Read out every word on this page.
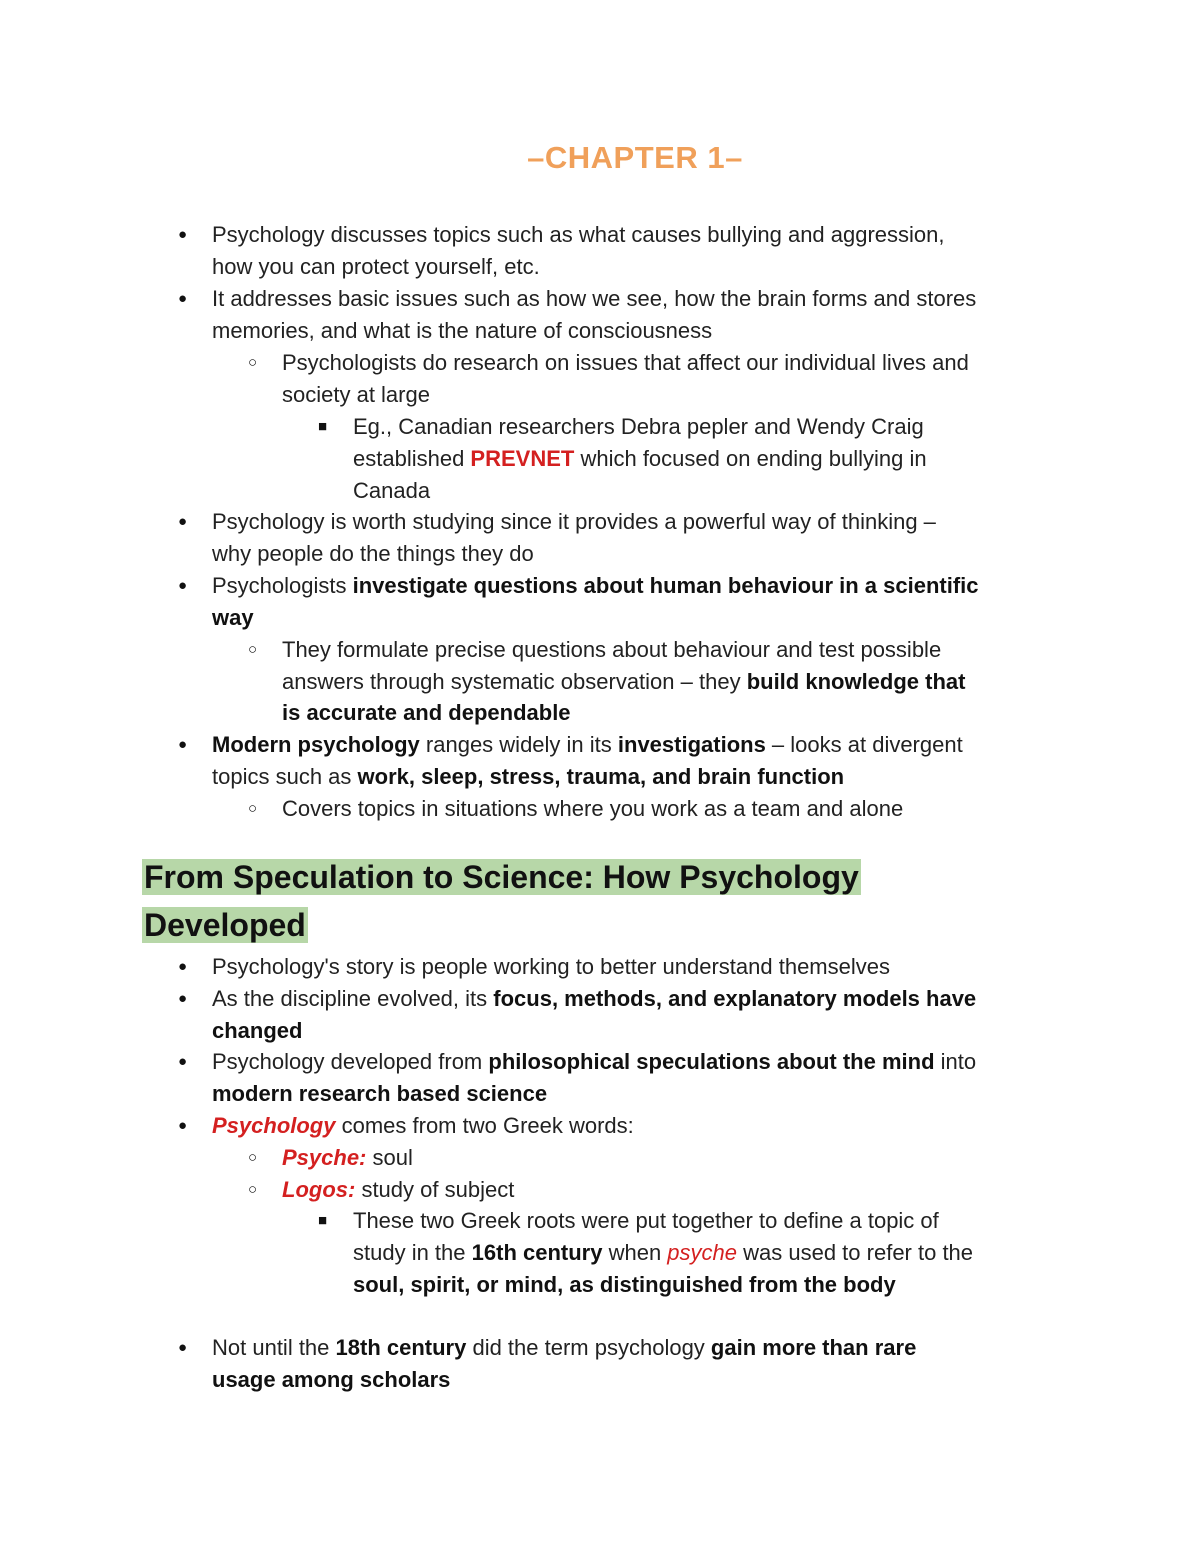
–CHAPTER 1–
● Psychology discusses topics such as what causes bullying and aggression,
how you can protect yourself, etc.
● It addresses basic issues such as how we see, how the brain forms and stores
memories, and what is the nature of consciousness
○ Psychologists do research on issues that affect our individual lives and
society at large
■ Eg., Canadian researchers Debra pepler and Wendy Craig
established PREVNET which focused on ending bullying in
Canada
● Psychology is worth studying since it provides a powerful way of thinking –
why people do the things they do
● Psychologists investigate questions about human behaviour in a scientific
way
○ They formulate precise questions about behaviour and test possible
answers through systematic observation – they build knowledge that
is accurate and dependable
● Modern psychology ranges widely in its investigations – looks at divergent
topics such as work, sleep, stress, trauma, and brain function
○ Covers topics in situations where you work as a team and alone
From Speculation to Science: How Psychology
Developed
● Psychology's story is people working to better understand themselves
● As the discipline evolved, its focus, methods, and explanatory models have
changed
● Psychology developed from philosophical speculations about the mind into
modern research based science
● Psychology comes from two Greek words:
○ Psyche: soul
○ Logos: study of subject
■ These two Greek roots were put together to define a topic of
study in the 16th century when psyche was used to refer to the
soul, spirit, or mind, as distinguished from the body
● Not until the 18th century did the term psychology gain more than rare
usage among scholars
